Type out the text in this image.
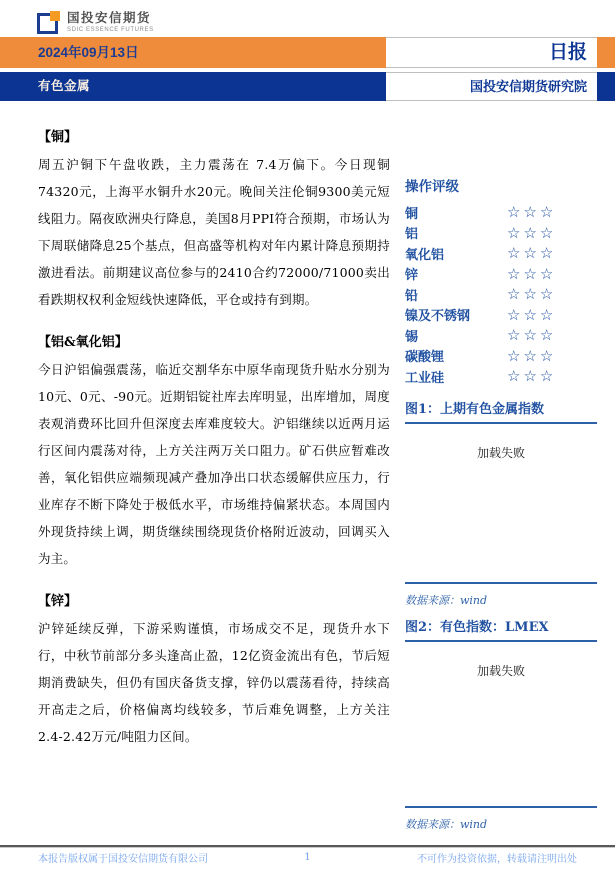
国投安信期货
SDIC ESSENCE FUTURES
2024年09月13日	日报
有色金属	国投安信期货研究院
【铜】
周五沪铜下午盘收跌，主力震荡在 7.4万偏下。今日现铜74320元，上海平水铜升水20元。晚间关注伦铜9300美元短线阻力。隔夜欧洲央行降息，美国8月PPI符合预期，市场认为下周联储降息25个基点，但高盛等机构对年内累计降息预期持激进看法。前期建议高位参与的2410合约72000/71000卖出看跌期权权利金短线快速降低，平仓或持有到期。
【铝&氧化铝】
今日沪铝偏强震荡，临近交割华东中原华南现货升贴水分别为10元、0元、-90元。近期铝锭社库去库明显，出库增加，周度表观消费环比回升但深度去库难度较大。沪铝继续以近两月运行区间内震荡对待，上方关注两万关口阻力。矿石供应暂难改善，氧化铝供应端频现减产叠加净出口状态缓解供应压力，行业库存不断下降处于极低水平，市场维持偏紧状态。本周国内外现货持续上调，期货继续围绕现货价格附近波动，回调买入为主。
【锌】
沪锌延续反弹，下游采购谨慎，市场成交不足，现货升水下行，中秋节前部分多头逢高止盈，12亿资金流出有色，节后短期消费缺失，但仍有国庆备货支撑，锌仍以震荡看待，持续高开高走之后，价格偏离均线较多，节后难免调整，上方关注2.4-2.42万元/吨阻力区间。
操作评级
铜	☆☆☆
铝	☆☆☆
氧化铝	☆☆☆
锌	☆☆☆
铅	☆☆☆
镍及不锈钢	☆☆☆
锡	☆☆☆
碳酸锂	☆☆☆
工业硅	☆☆☆
图1：上期有色金属指数
加载失败
数据来源：wind
图2：有色指数：LMEX
加载失败
数据来源：wind
本报告版权属于国投安信期货有限公司	1	不可作为投资依据，转载请注明出处
